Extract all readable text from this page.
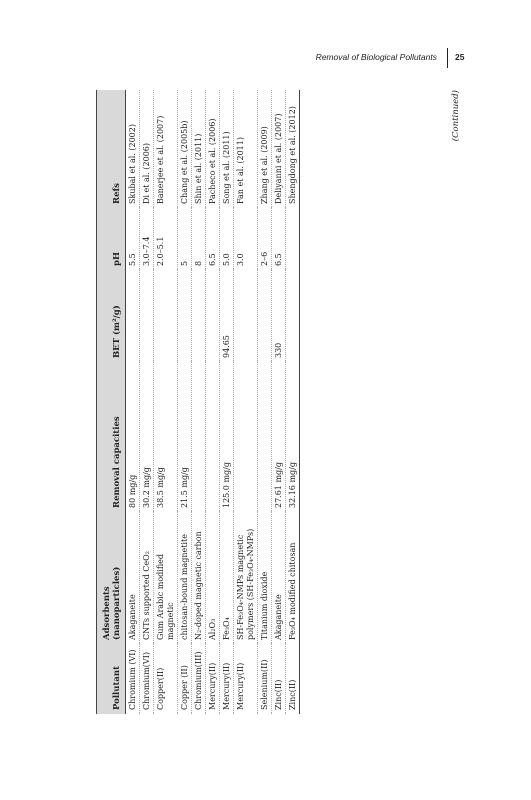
Removal of Biological Pollutants 25
Pollutant	Adsorbents (nanoparticles)	Removal capacities	BET (m²/g)	pH	Refs
Chromium (VI)	Akaganeite	80 mg/g		5.5	Skubal et al. (2002)
Chromium(VI)	CNTs supported CeO₂	30.2 mg/g		3.0–7.4	Di et al. (2006)
Copper(II)	Gum Arabic modified magnetic	38.5 mg/g		2.0–5.1	Banerjee et al. (2007)
Copper (II)	chitosan-bound magnetite	21.5 mg/g		5	Chang et al. (2005b)
Chromium(III)	N₂-doped magnetic carbon			8	Shin et al. (2011)
Mercury(II)	Al₂O₃			6.5	Pacheco et al. (2006)
Mercury(II)	Fe₃O₄	125.0 mg/g	94.65	5.0	Song et al. (2011)
Mercury(II)	SH-Fe₃O₄-NMPs magnetic polymers (SH-Fe₃O₄-NMPs)			3.0	Fan et al. (2011)
Selenium(II)	Titanium dioxide			2–6	Zhang et al. (2009)
Zinc(II)	Akaganeite	27.61 mg/g	330	6.5	Deliyanni et al. (2007)
Zinc(II)	Fe₃O₄ modified chitosan	32.16 mg/g			Shengdong et al. (2012)	(Continued)
